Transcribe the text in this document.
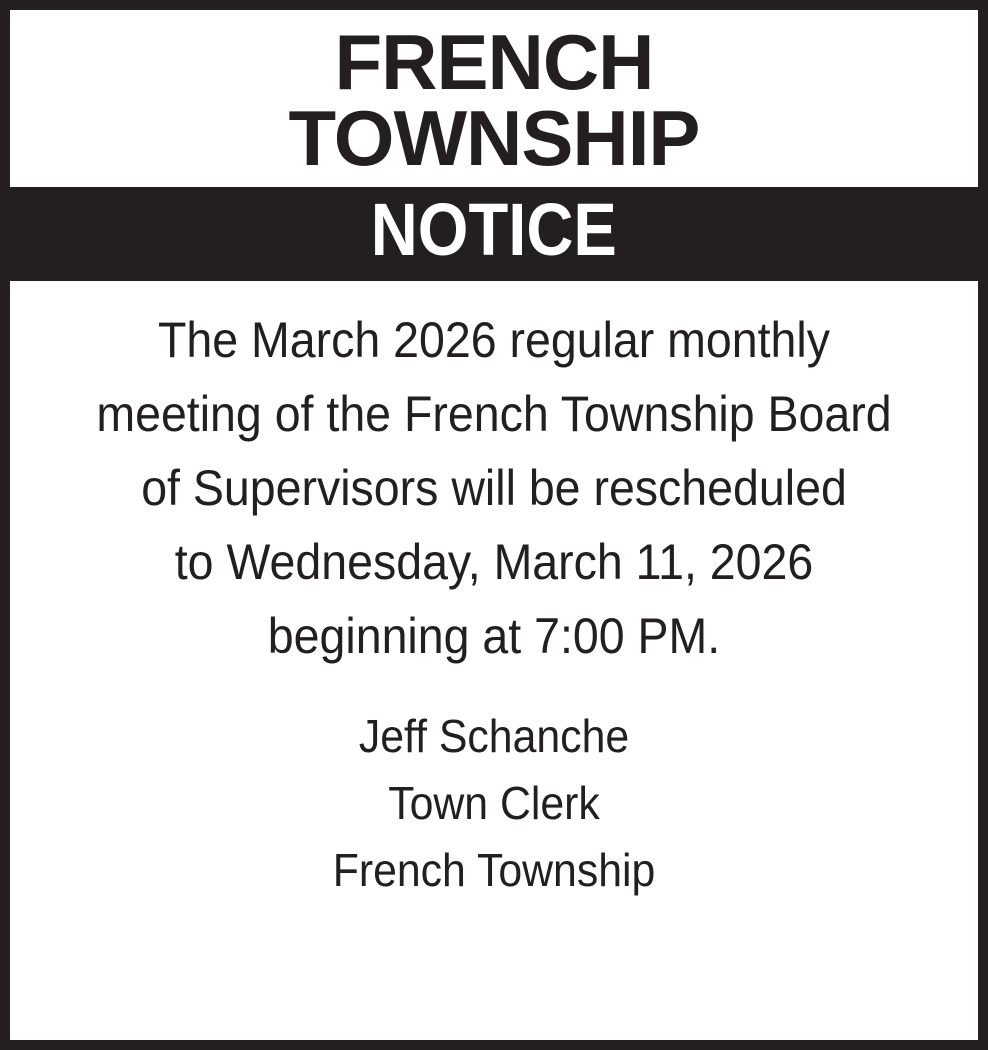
FRENCH
TOWNSHIP
NOTICE
The March 2026 regular monthly
meeting of the French Township Board
of Supervisors will be rescheduled
to Wednesday, March 11, 2026
beginning at 7:00 PM.
Jeff Schanche
Town Clerk
French Township
